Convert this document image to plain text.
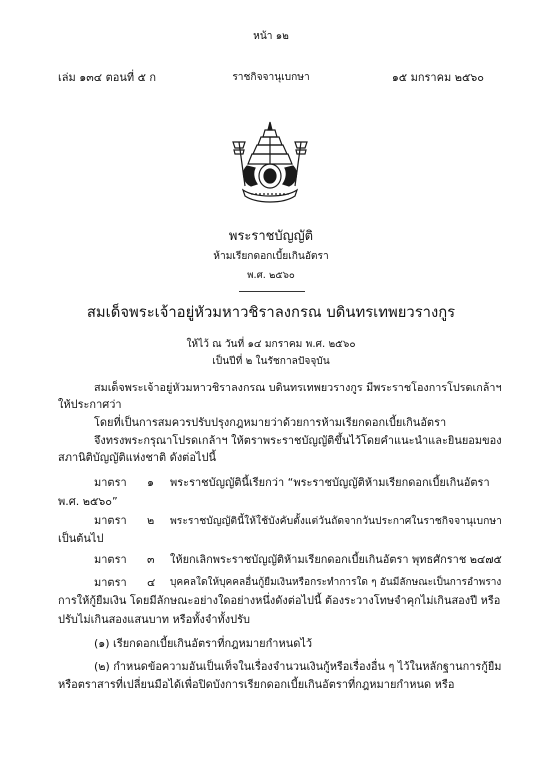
หน้า ๑๒
เล่ม ๑๓๔ ตอนที่ ๕ ก	ราชกิจจานุเบกษา	๑๕ มกราคม ๒๕๖๐
พระราชบัญญัติ
ห้ามเรียกดอกเบี้ยเกินอัตรา
พ.ศ. ๒๕๖๐
สมเด็จพระเจ้าอยู่หัวมหาวชิราลงกรณ บดินทรเทพยวรางกูร
ให้ไว้ ณ วันที่ ๑๔ มกราคม พ.ศ. ๒๕๖๐
เป็นปีที่ ๒ ในรัชกาลปัจจุบัน
สมเด็จพระเจ้าอยู่หัวมหาวชิราลงกรณ บดินทรเทพยวรางกูร มีพระราชโองการโปรดเกล้าฯ
ให้ประกาศว่า
โดยที่เป็นการสมควรปรับปรุงกฎหมายว่าด้วยการห้ามเรียกดอกเบี้ยเกินอัตรา
จึงทรงพระกรุณาโปรดเกล้าฯ ให้ตราพระราชบัญญัติขึ้นไว้โดยคำแนะนำและยินยอมของ
สภานิติบัญญัติแห่งชาติ ดังต่อไปนี้
มาตรา ๑ พระราชบัญญัตินี้เรียกว่า “พระราชบัญญัติห้ามเรียกดอกเบี้ยเกินอัตรา
พ.ศ. ๒๕๖๐”
มาตรา ๒ พระราชบัญญัตินี้ให้ใช้บังคับตั้งแต่วันถัดจากวันประกาศในราชกิจจานุเบกษา
เป็นต้นไป
มาตรา ๓ ให้ยกเลิกพระราชบัญญัติห้ามเรียกดอกเบี้ยเกินอัตรา พุทธศักราช ๒๔๗๕
มาตรา ๔ บุคคลใดให้บุคคลอื่นกู้ยืมเงินหรือกระทำการใด ๆ อันมีลักษณะเป็นการอำพราง
การให้กู้ยืมเงิน โดยมีลักษณะอย่างใดอย่างหนึ่งดังต่อไปนี้ ต้องระวางโทษจำคุกไม่เกินสองปี หรือ
ปรับไม่เกินสองแสนบาท หรือทั้งจำทั้งปรับ
(๑) เรียกดอกเบี้ยเกินอัตราที่กฎหมายกำหนดไว้
(๒) กำหนดข้อความอันเป็นเท็จในเรื่องจำนวนเงินกู้หรือเรื่องอื่น ๆ ไว้ในหลักฐานการกู้ยืม
หรือตราสารที่เปลี่ยนมือได้เพื่อปิดบังการเรียกดอกเบี้ยเกินอัตราที่กฎหมายกำหนด หรือ
